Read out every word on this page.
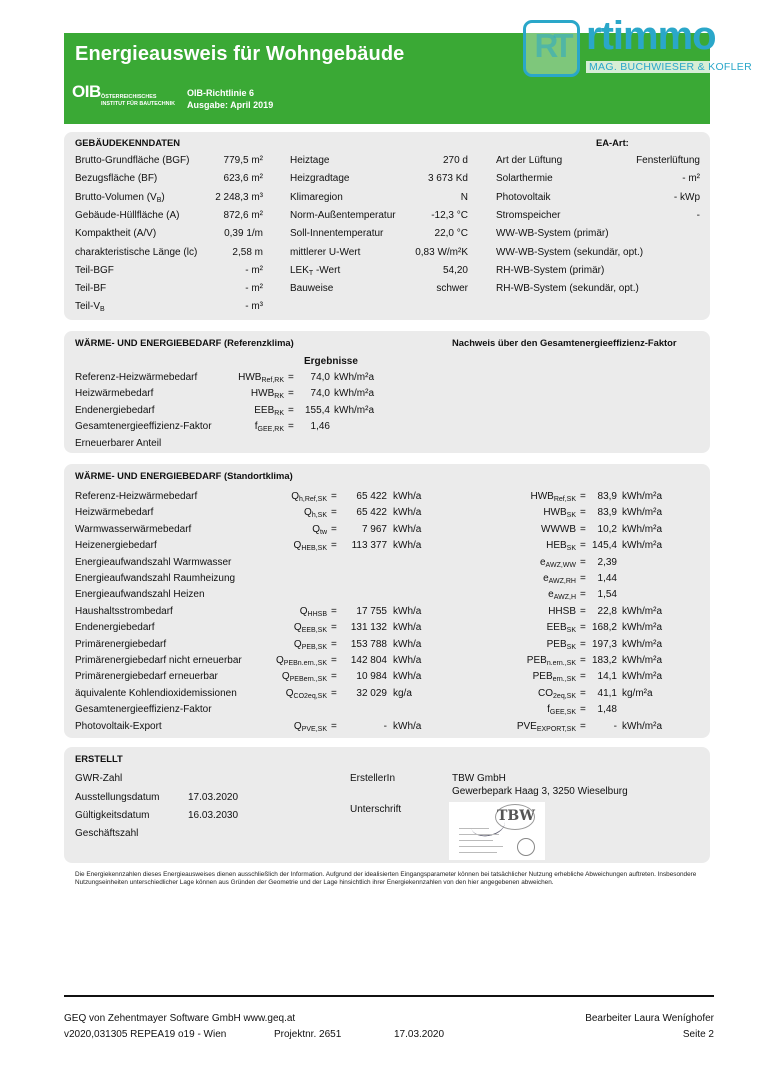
Energieausweis für Wohngebäude
OIB ÖSTERREICHISCHES
INSTITUT FÜR BAUTECHNIK
OIB-Richtlinie 6
Ausgabe: April 2019
RT rtimmo
MAG. BUCHWIESER & KOFLER
GEBÄUDEKENNDATEN	EA-Art:
Brutto-Grundfläche (BGF)	779,5 m²
Bezugsfläche (BF)	623,6 m²
Brutto-Volumen $(V_B)$	2 248,3 m³
Gebäude-Hüllfläche (A)	872,6 m²
Kompaktheit (A/V)	0,39 1/m
charakteristische Länge (lc)	2,58 m
Teil-BGF	- m²
Teil-BF	- m²
Teil-$V_B$	- m³
Heiztage	270 d
Heizgradtage	3 673 Kd
Klimaregion	N
Norm-Außentemperatur	-12,3 °C
Soll-Innentemperatur	22,0 °C
mittlerer U-Wert	0,83 W/m²K
$LEK_T$ -Wert	54,20
Bauweise	schwer
Art der Lüftung	Fensterlüftung
Solarthermie	- m²
Photovoltaik	- kWp
Stromspeicher	-
WW-WB-System (primär)
WW-WB-System (sekundär, opt.)
RH-WB-System (primär)
RH-WB-System (sekundär, opt.)
WÄRME- UND ENERGIEBEDARF (Referenzklima)	Nachweis über den Gesamtenergieeffizienz-Faktor
Ergebnisse
Referenz-Heizwärmebedarf	$HWB_{Ref,RK}$ =	74,0 kWh/m²a
Heizwärmebedarf	$HWB_{RK}$ =	74,0 kWh/m²a
Endenergiebedarf	$EEB_{RK}$ =	155,4 kWh/m²a
Gesamtenergieeffizienz-Faktor	$f_{GEE,RK}$ =	1,46
Erneuerbarer Anteil
WÄRME- UND ENERGIEBEDARF (Standortklima)
Referenz-Heizwärmebedarf	$Q_{h,Ref,SK}$ =	65 422 kWh/a	$HWB_{Ref,SK}$ =	83,9 kWh/m²a
Heizwärmebedarf	$Q_{h,SK}$ =	65 422 kWh/a	$HWB_{SK}$ =	83,9 kWh/m²a
Warmwasserwärmebedarf	$Q_{tw}$ =	7 967 kWh/a	WWWB =	10,2 kWh/m²a
Heizenergiebedarf	$Q_{HEB,SK}$ =	113 377 kWh/a	$HEB_{SK} = 145,4$ kWh/m²a
Energieaufwandszahl Warmwasser	$e_{AWZ,WW}$ =	2,39
Energieaufwandszahl Raumheizung	$e_{AWZ,RH}$ =	1,44
Energieaufwandszahl Heizen	$e_{AWZ,H}$ =	1,54
Haushaltsstrombedarf	$Q_{HHSB}$ =	17 755 kWh/a	HHSB =	22,8 kWh/m²a
Endenergiebedarf	$Q_{EEB,SK}$ =	131 132 kWh/a	$EEB_{SK} = 168,2$ kWh/m²a
Primärenergiebedarf	$Q_{PEB,SK}$ =	153 788 kWh/a	$PEB_{SK} = 197,3$ kWh/m²a
Primärenergiebedarf nicht erneuerbar	$Q_{PEBn.ern.,SK}$ =	142 804 kWh/a	$PEB_{n.ern.,SK} = 183,2$ kWh/m²a
Primärenergiebedarf erneuerbar	$Q_{PEBern.,SK}$ =	10 984 kWh/a	$PEB_{ern.,SK}$ =	14,1 kWh/m²a
äquivalente Kohlendioxidemissionen	$Q_{CO2eq,SK}$ =	32 029 kg/a	$CO_{2eq,SK}$ =	41,1 kg/m²a
Gesamtenergieeffizienz-Faktor	$f_{GEE,SK}$ =	1,48
Photovoltaik-Export	$Q_{PVE,SK}$ =	- kWh/a	$PVE_{EXPORT,SK}$ =	- kWh/m²a
ERSTELLT
GWR-Zahl
Ausstellungsdatum	17.03.2020
Gültigkeitsdatum	16.03.2030
Geschäftszahl
ErstellerIn	TBW GmbH
Gewerbepark Haag 3, 3250 Wieselburg
Unterschrift	TBW
Die Energiekennzahlen dieses Energieausweises dienen ausschließlich der Information. Aufgrund der idealisierten Eingangsparameter können bei tatsächlicher Nutzung erhebliche Abweichungen auftreten. Insbesondere Nutzungseinheiten unterschiedlicher Lage können aus Gründen der Geometrie und der Lage hinsichtlich ihrer Energiekennzahlen von den hier angegebenen abweichen.
GEQ von Zehentmayer Software GmbH www.geq.at
v2020,031305 REPEA19 o19 - Wien	Projektnr. 2651	17.03.2020
Bearbeiter Laura Weníghofer
Seite 2
